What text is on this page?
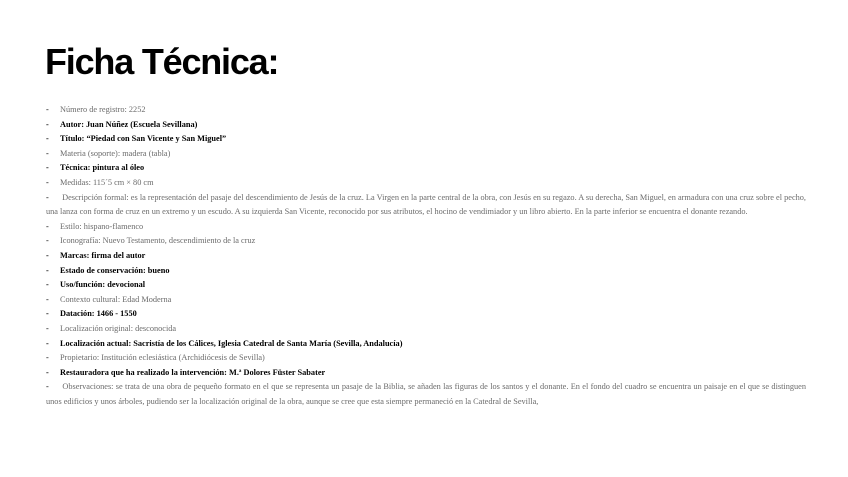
Ficha Técnica:
- Número de registro: 2252
- Autor: Juan Núñez (Escuela Sevillana)
- Título: “Piedad con San Vicente y San Miguel”
- Materia (soporte): madera (tabla)
- Técnica: pintura al óleo
- Medidas: 115´5 cm × 80 cm
- Descripción formal: es la representación del pasaje del descendimiento de Jesús de la cruz. La Virgen en la parte central de la obra, con Jesús en su regazo. A su derecha, San Miguel, en armadura con una cruz sobre el pecho, una lanza con forma de cruz en un extremo y un escudo. A su izquierda San Vicente, reconocido por sus atributos, el hocino de vendimiador y un libro abierto. En la parte inferior se encuentra el donante rezando.
- Estilo: hispano-flamenco
- Iconografía: Nuevo Testamento, descendimiento de la cruz
- Marcas: firma del autor
- Estado de conservación: bueno
- Uso/función: devocional
- Contexto cultural: Edad Moderna
- Datación: 1466 - 1550
- Localización original: desconocida
- Localización actual: Sacristía de los Cálices, Iglesia Catedral de Santa María (Sevilla, Andalucía)
- Propietario: Institución eclesiástica (Archidiócesis de Sevilla)
- Restauradora que ha realizado la intervención: M.ª Dolores Füster Sabater
- Observaciones: se trata de una obra de pequeño formato en el que se representa un pasaje de la Biblia, se añaden las figuras de los santos y el donante. En el fondo del cuadro se encuentra un paisaje en el que se distinguen unos edificios y unos árboles, pudiendo ser la localización original de la obra, aunque se cree que esta siempre permaneció en la Catedral de Sevilla,
